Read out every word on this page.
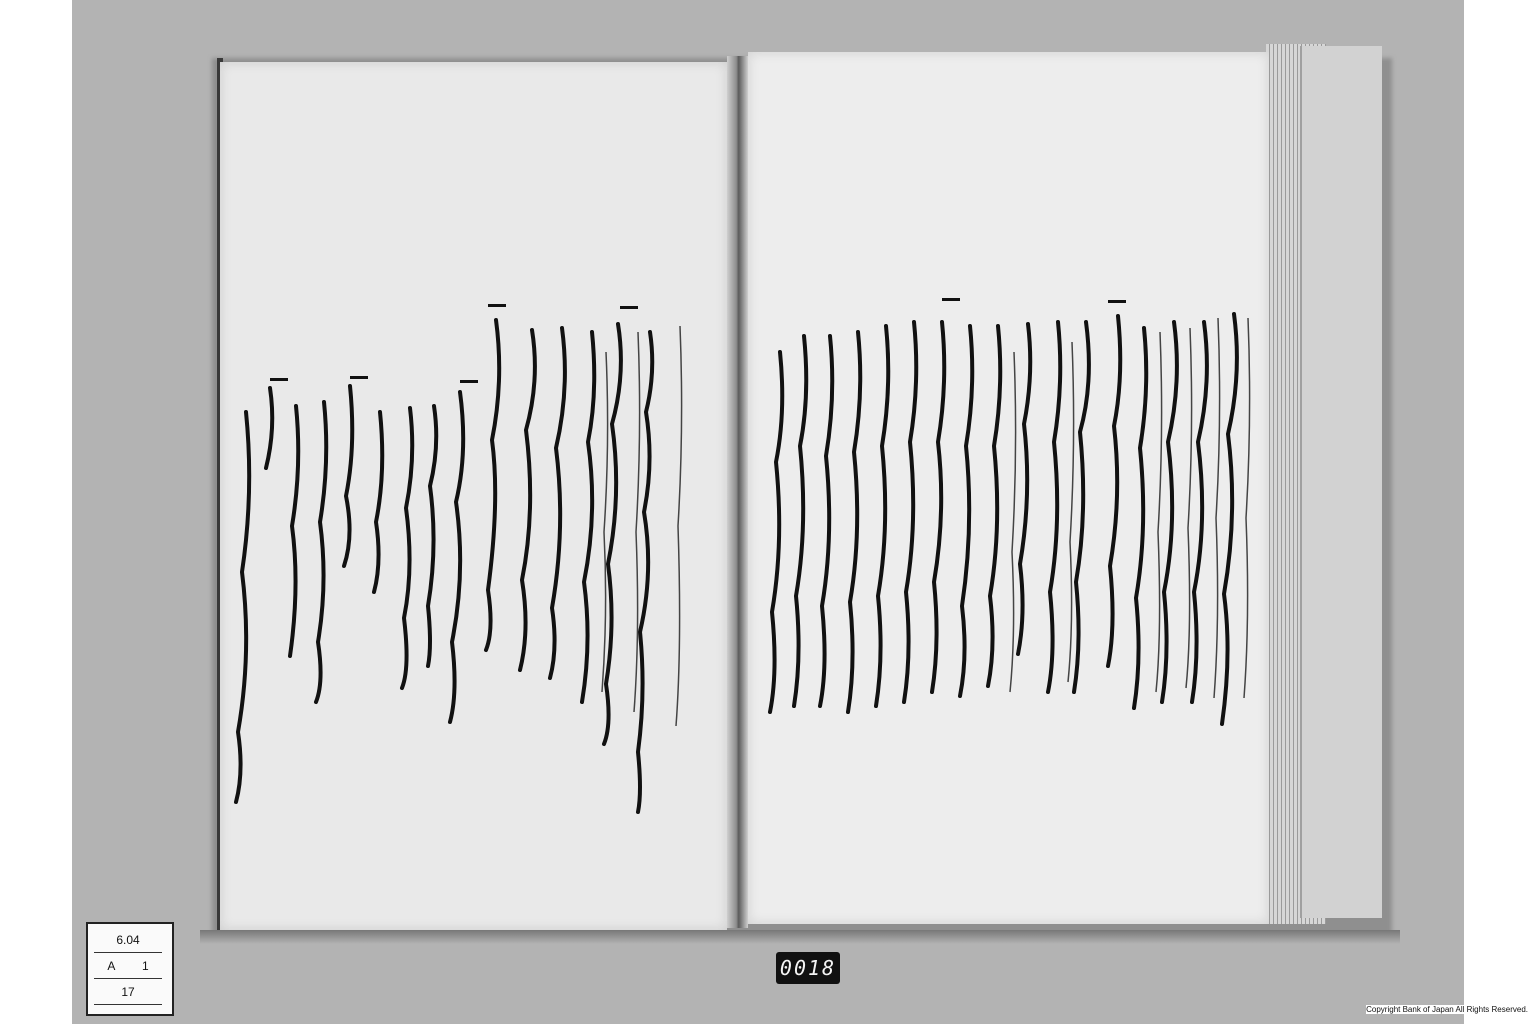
6.04
A 1
17
0018
Copyright Bank of Japan All Rights Reserved.
